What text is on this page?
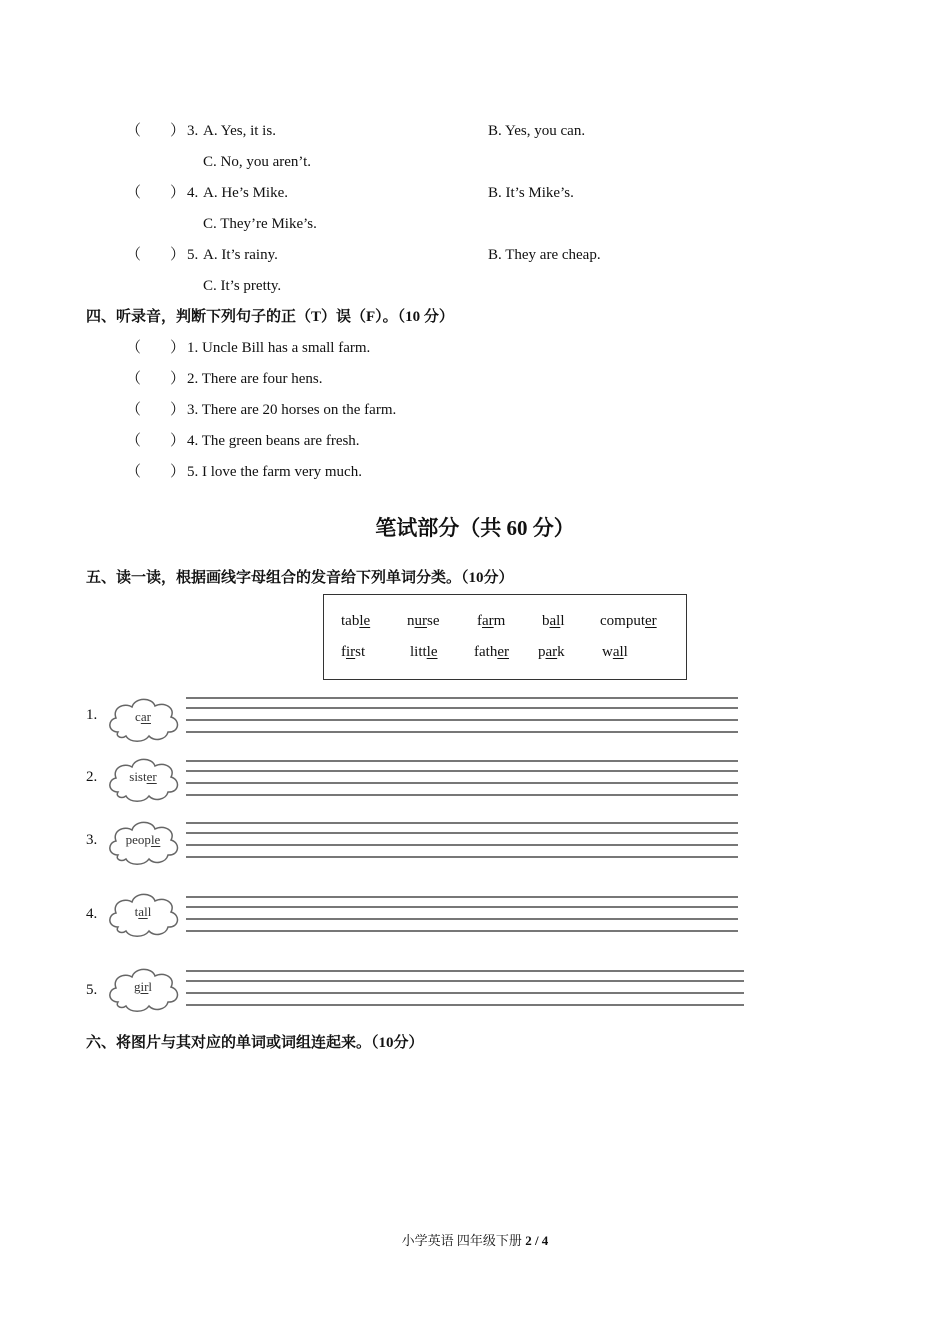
（ ） 3. A. Yes, it is.	B. Yes, you can.
C. No, you aren’t.
（ ） 4. A. He’s Mike.	B. It’s Mike’s.
C. They’re Mike’s.
（ ） 5. A. It’s rainy.	B. They are cheap.
C. It’s pretty.
四、听录音，判断下列句子的正（T）误（F）。（10 分）
（ ） 1. Uncle Bill has a small farm.
（ ） 2. There are four hens.
（ ） 3. There are 20 horses on the farm.
（ ） 4. The green beans are fresh.
（ ） 5. I love the farm very much.
笔试部分（共 60 分）
五、读一读，根据画线字母组合的发音给下列单词分类。（10分）
table nurse	farm ball computer
first	little father park wall
1.	car
2.	sister
3.	people
4.	tall
5.	girl
六、将图片与其对应的单词或词组连起来。（10分）
小学英语 四年级下册 2 / 4
